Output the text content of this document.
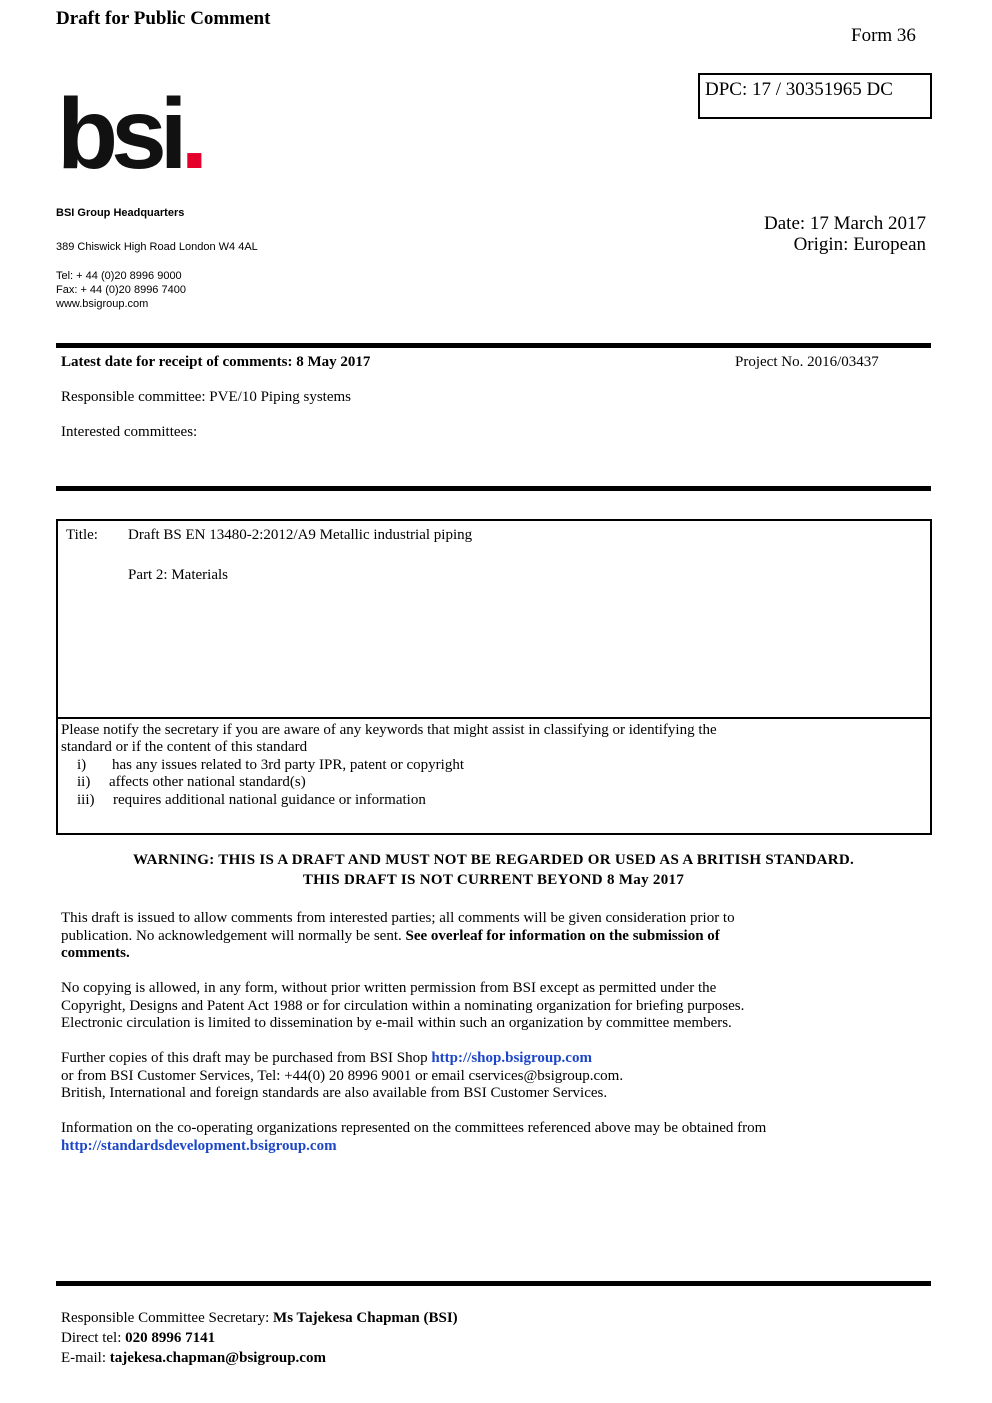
Draft for Public Comment
Form 36
DPC: 17 / 30351965 DC
bsi.
BSI Group Headquarters
389 Chiswick High Road London W4 4AL
Tel: + 44 (0)20 8996 9000
Fax: + 44 (0)20 8996 7400
www.bsigroup.com
Date: 17 March 2017
Origin: European
Latest date for receipt of comments: 8 May 2017	Project No. 2016/03437
Responsible committee: PVE/10 Piping systems
Interested committees:
Title: Draft BS EN 13480-2:2012/A9 Metallic industrial piping
Part 2: Materials
Please notify the secretary if you are aware of any keywords that might assist in classifying or identifying the
standard or if the content of this standard
i) has any issues related to 3rd party IPR, patent or copyright
ii) affects other national standard(s)
iii) requires additional national guidance or information
WARNING: THIS IS A DRAFT AND MUST NOT BE REGARDED OR USED AS A BRITISH STANDARD.
THIS DRAFT IS NOT CURRENT BEYOND 8 May 2017
This draft is issued to allow comments from interested parties; all comments will be given consideration prior to
publication. No acknowledgement will normally be sent. See overleaf for information on the submission of
comments.
No copying is allowed, in any form, without prior written permission from BSI except as permitted under the
Copyright, Designs and Patent Act 1988 or for circulation within a nominating organization for briefing purposes.
Electronic circulation is limited to dissemination by e-mail within such an organization by committee members.
Further copies of this draft may be purchased from BSI Shop http://shop.bsigroup.com
or from BSI Customer Services, Tel: +44(0) 20 8996 9001 or email cservices@bsigroup.com.
British, International and foreign standards are also available from BSI Customer Services.
Information on the co-operating organizations represented on the committees referenced above may be obtained from
http://standardsdevelopment.bsigroup.com
Responsible Committee Secretary: Ms Tajekesa Chapman (BSI)
Direct tel: 020 8996 7141
E-mail: tajekesa.chapman@bsigroup.com
